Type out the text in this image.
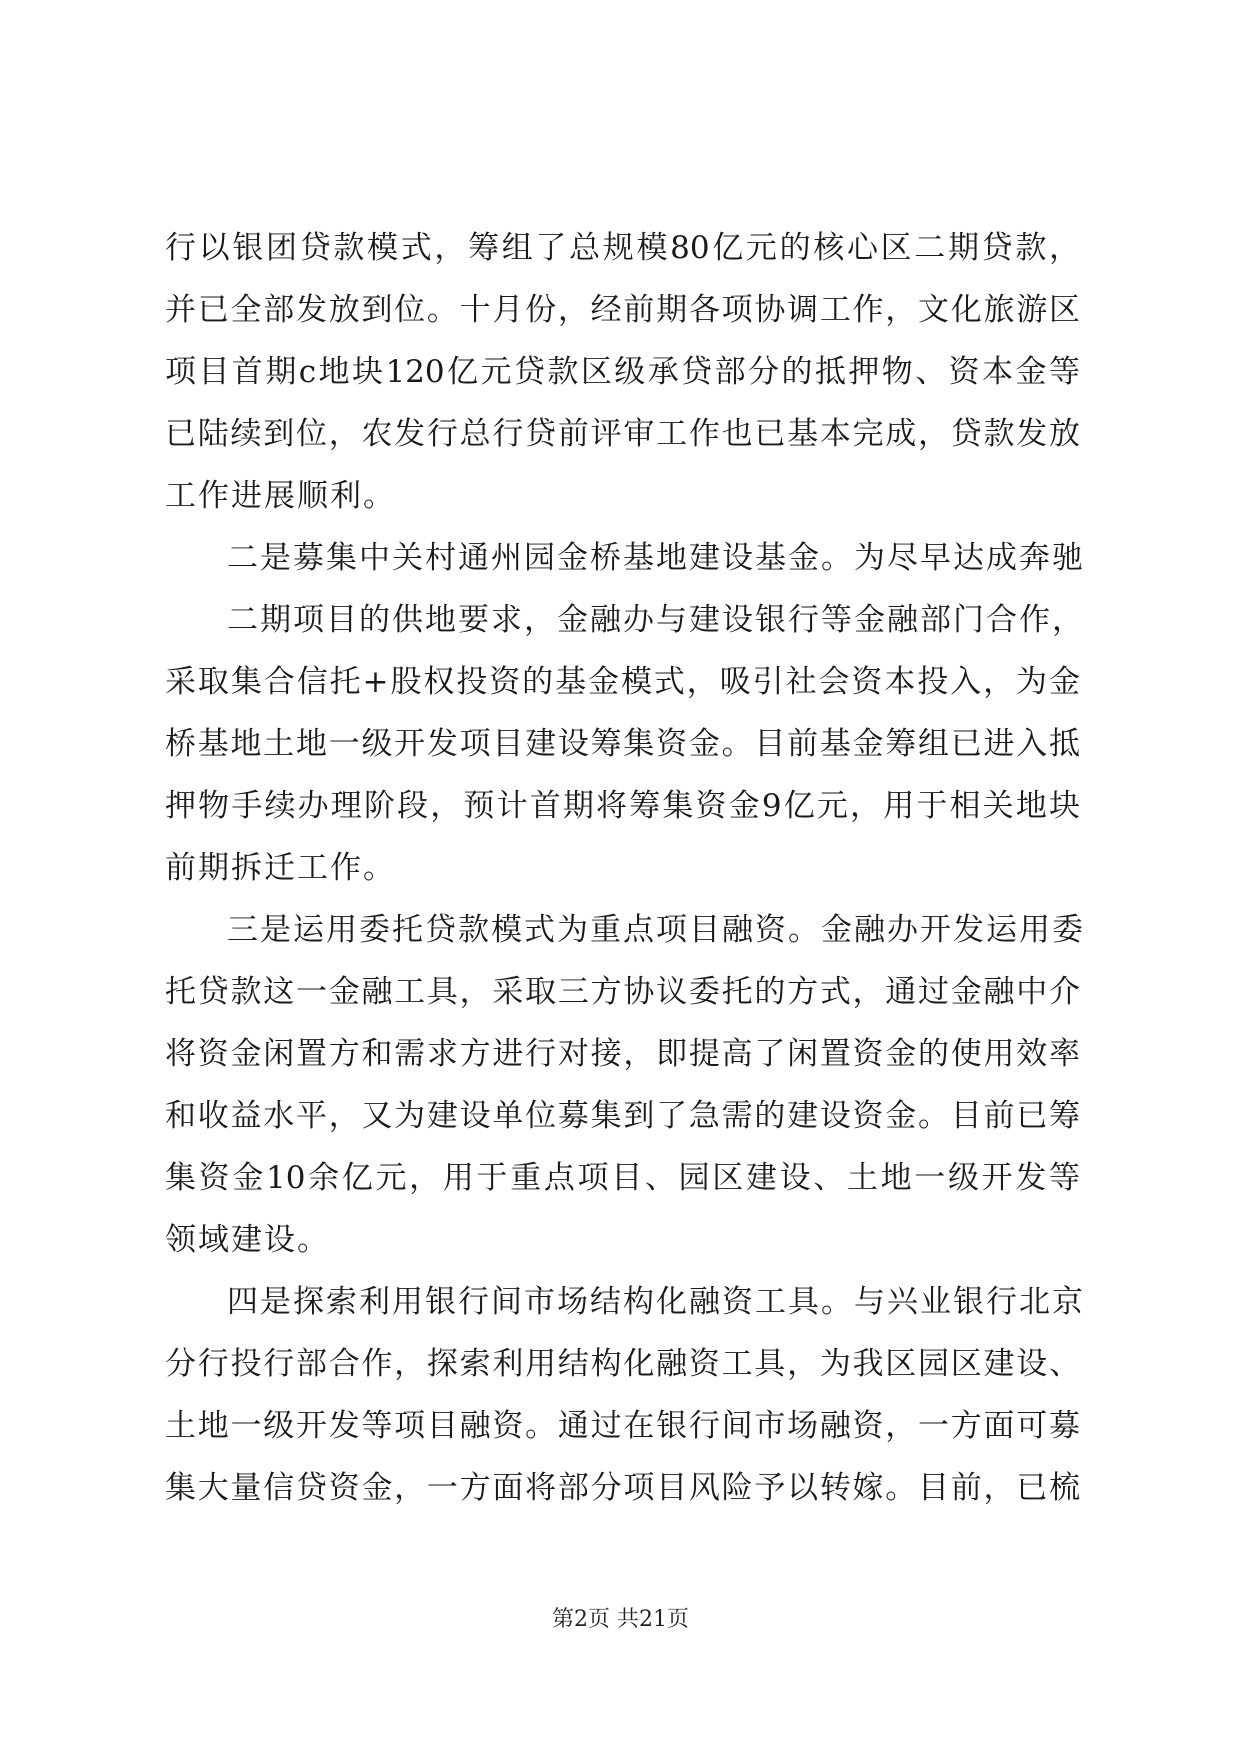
行以银团贷款模式，筹组了总规模80亿元的核心区二期贷款，
并已全部发放到位。十月份，经前期各项协调工作，文化旅游区
项目首期c地块120亿元贷款区级承贷部分的抵押物、资本金等
已陆续到位，农发行总行贷前评审工作也已基本完成，贷款发放
工作进展顺利。
二是募集中关村通州园金桥基地建设基金。为尽早达成奔驰
二期项目的供地要求，金融办与建设银行等金融部门合作，
采取集合信托+股权投资的基金模式，吸引社会资本投入，为金
桥基地土地一级开发项目建设筹集资金。目前基金筹组已进入抵
押物手续办理阶段，预计首期将筹集资金9亿元，用于相关地块
前期拆迁工作。
三是运用委托贷款模式为重点项目融资。金融办开发运用委
托贷款这一金融工具，采取三方协议委托的方式，通过金融中介
将资金闲置方和需求方进行对接，即提高了闲置资金的使用效率
和收益水平，又为建设单位募集到了急需的建设资金。目前已筹
集资金10余亿元，用于重点项目、园区建设、土地一级开发等
领域建设。
四是探索利用银行间市场结构化融资工具。与兴业银行北京
分行投行部合作，探索利用结构化融资工具，为我区园区建设、
土地一级开发等项目融资。通过在银行间市场融资，一方面可募
集大量信贷资金，一方面将部分项目风险予以转嫁。目前，已梳
第2页 共21页
